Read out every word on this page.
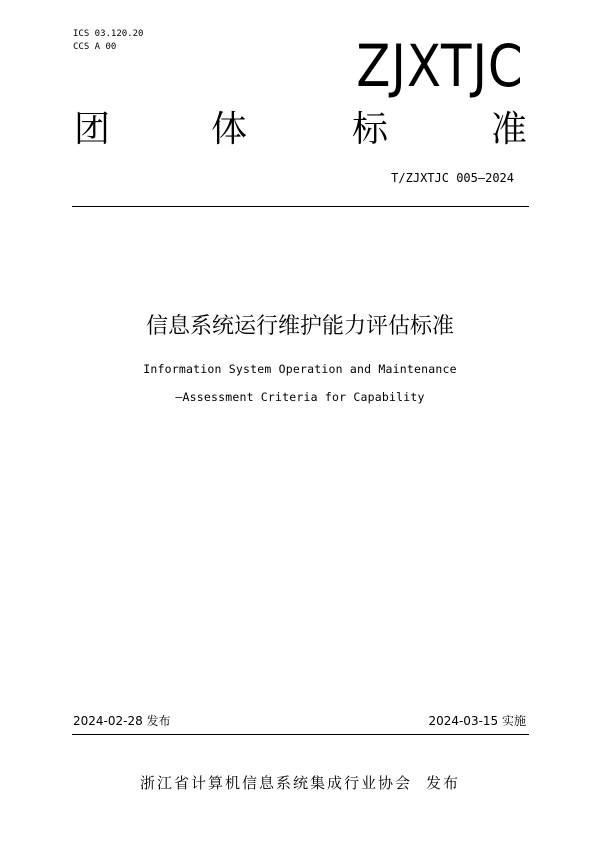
ICS 03.120.20
CCS A 00	ZJXTJC
团	体	标	准
T/ZJXTJC 005—2024
信息系统运行维护能力评估标准
Information System Operation and Maintenance
—Assessment Criteria for Capability
2024-02-28 发布	2024-03-15 实施
浙江省计算机信息系统集成行业协会 发布
